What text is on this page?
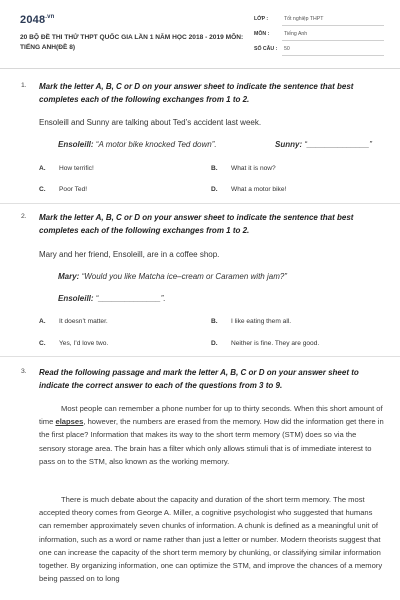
$2048^{.vn}$
20 BỘ ĐỀ THI THỬ THPT QUỐC GIA LẦN 1 NĂM HỌC 2018 - 2019 MÔN: TIẾNG ANH(ĐỀ 8)
LỚP :	Tốt nghiệp THPT
MÔN :	Tiếng Anh
SỐ CÂU : 50
1. Mark the letter A, B, C or D on your answer sheet to indicate the sentence that best completes each of the following exchanges from 1 to 2.
Ensoleill and Sunny are talking about Ted’s accident last week.
Ensoleill: “A motor bike knocked Ted down”.	Sunny: “______________”
A. How terrific!	B. What it is now?
C. Poor Ted!	D. What a motor bike!
2. Mark the letter A, B, C or D on your answer sheet to indicate the sentence that best completes each of the following exchanges from 1 to 2.
Mary and her friend, Ensoleill, are in a coffee shop.
Mary: “Would you like Matcha ice–cream or Caramen with jam?”
Ensoleill: “______________”.
A. It doesn’t matter.	B. I like eating them all.
C. Yes, I’d love two.	D. Neither is fine. They are good.
3. Read the following passage and mark the letter A, B, C or D on your answer sheet to indicate the correct answer to each of the questions from 3 to 9.
Most people can remember a phone number for up to thirty seconds. When this short amount of time elapses, however, the numbers are erased from the memory. How did the information get there in the first place? Information that makes its way to the short term memory (STM) does so via the sensory storage area. The brain has a filter which only allows stimuli that is of immediate interest to pass on to the STM, also known as the working memory.
There is much debate about the capacity and duration of the short term memory. The most accepted theory comes from George A. Miller, a cognitive psychologist who suggested that humans can remember approximately seven chunks of information. A chunk is defined as a meaningful unit of information, such as a word or name rather than just a letter or number. Modern theorists suggest that one can increase the capacity of the short term memory by chunking, or classifying similar information together. By organizing information, one can optimize the STM, and improve the chances of a memory being passed on to long
